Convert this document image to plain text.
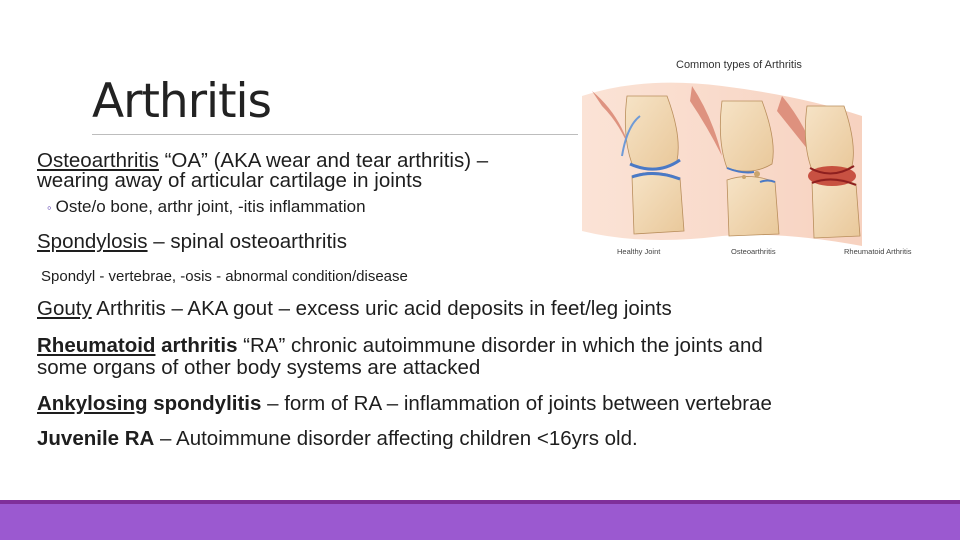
Arthritis
Osteoarthritis “OA” (AKA wear and tear arthritis) –
wearing away of articular cartilage in joints
◦ Oste/o bone, arthr joint, -itis inflammation
Spondylosis – spinal osteoarthritis
Spondyl - vertebrae, -osis - abnormal condition/disease
Gouty Arthritis – AKA gout – excess uric acid deposits in feet/leg joints
Rheumatoid arthritis “RA” chronic autoimmune disorder in which the joints and
some organs of other body systems are attacked
Ankylosing spondylitis – form of RA – inflammation of joints between vertebrae
Juvenile RA – Autoimmune disorder affecting children <16yrs old.
Common types of Arthritis
Healthy Joint	Osteoarthritis	Rheumatoid Arthritis
